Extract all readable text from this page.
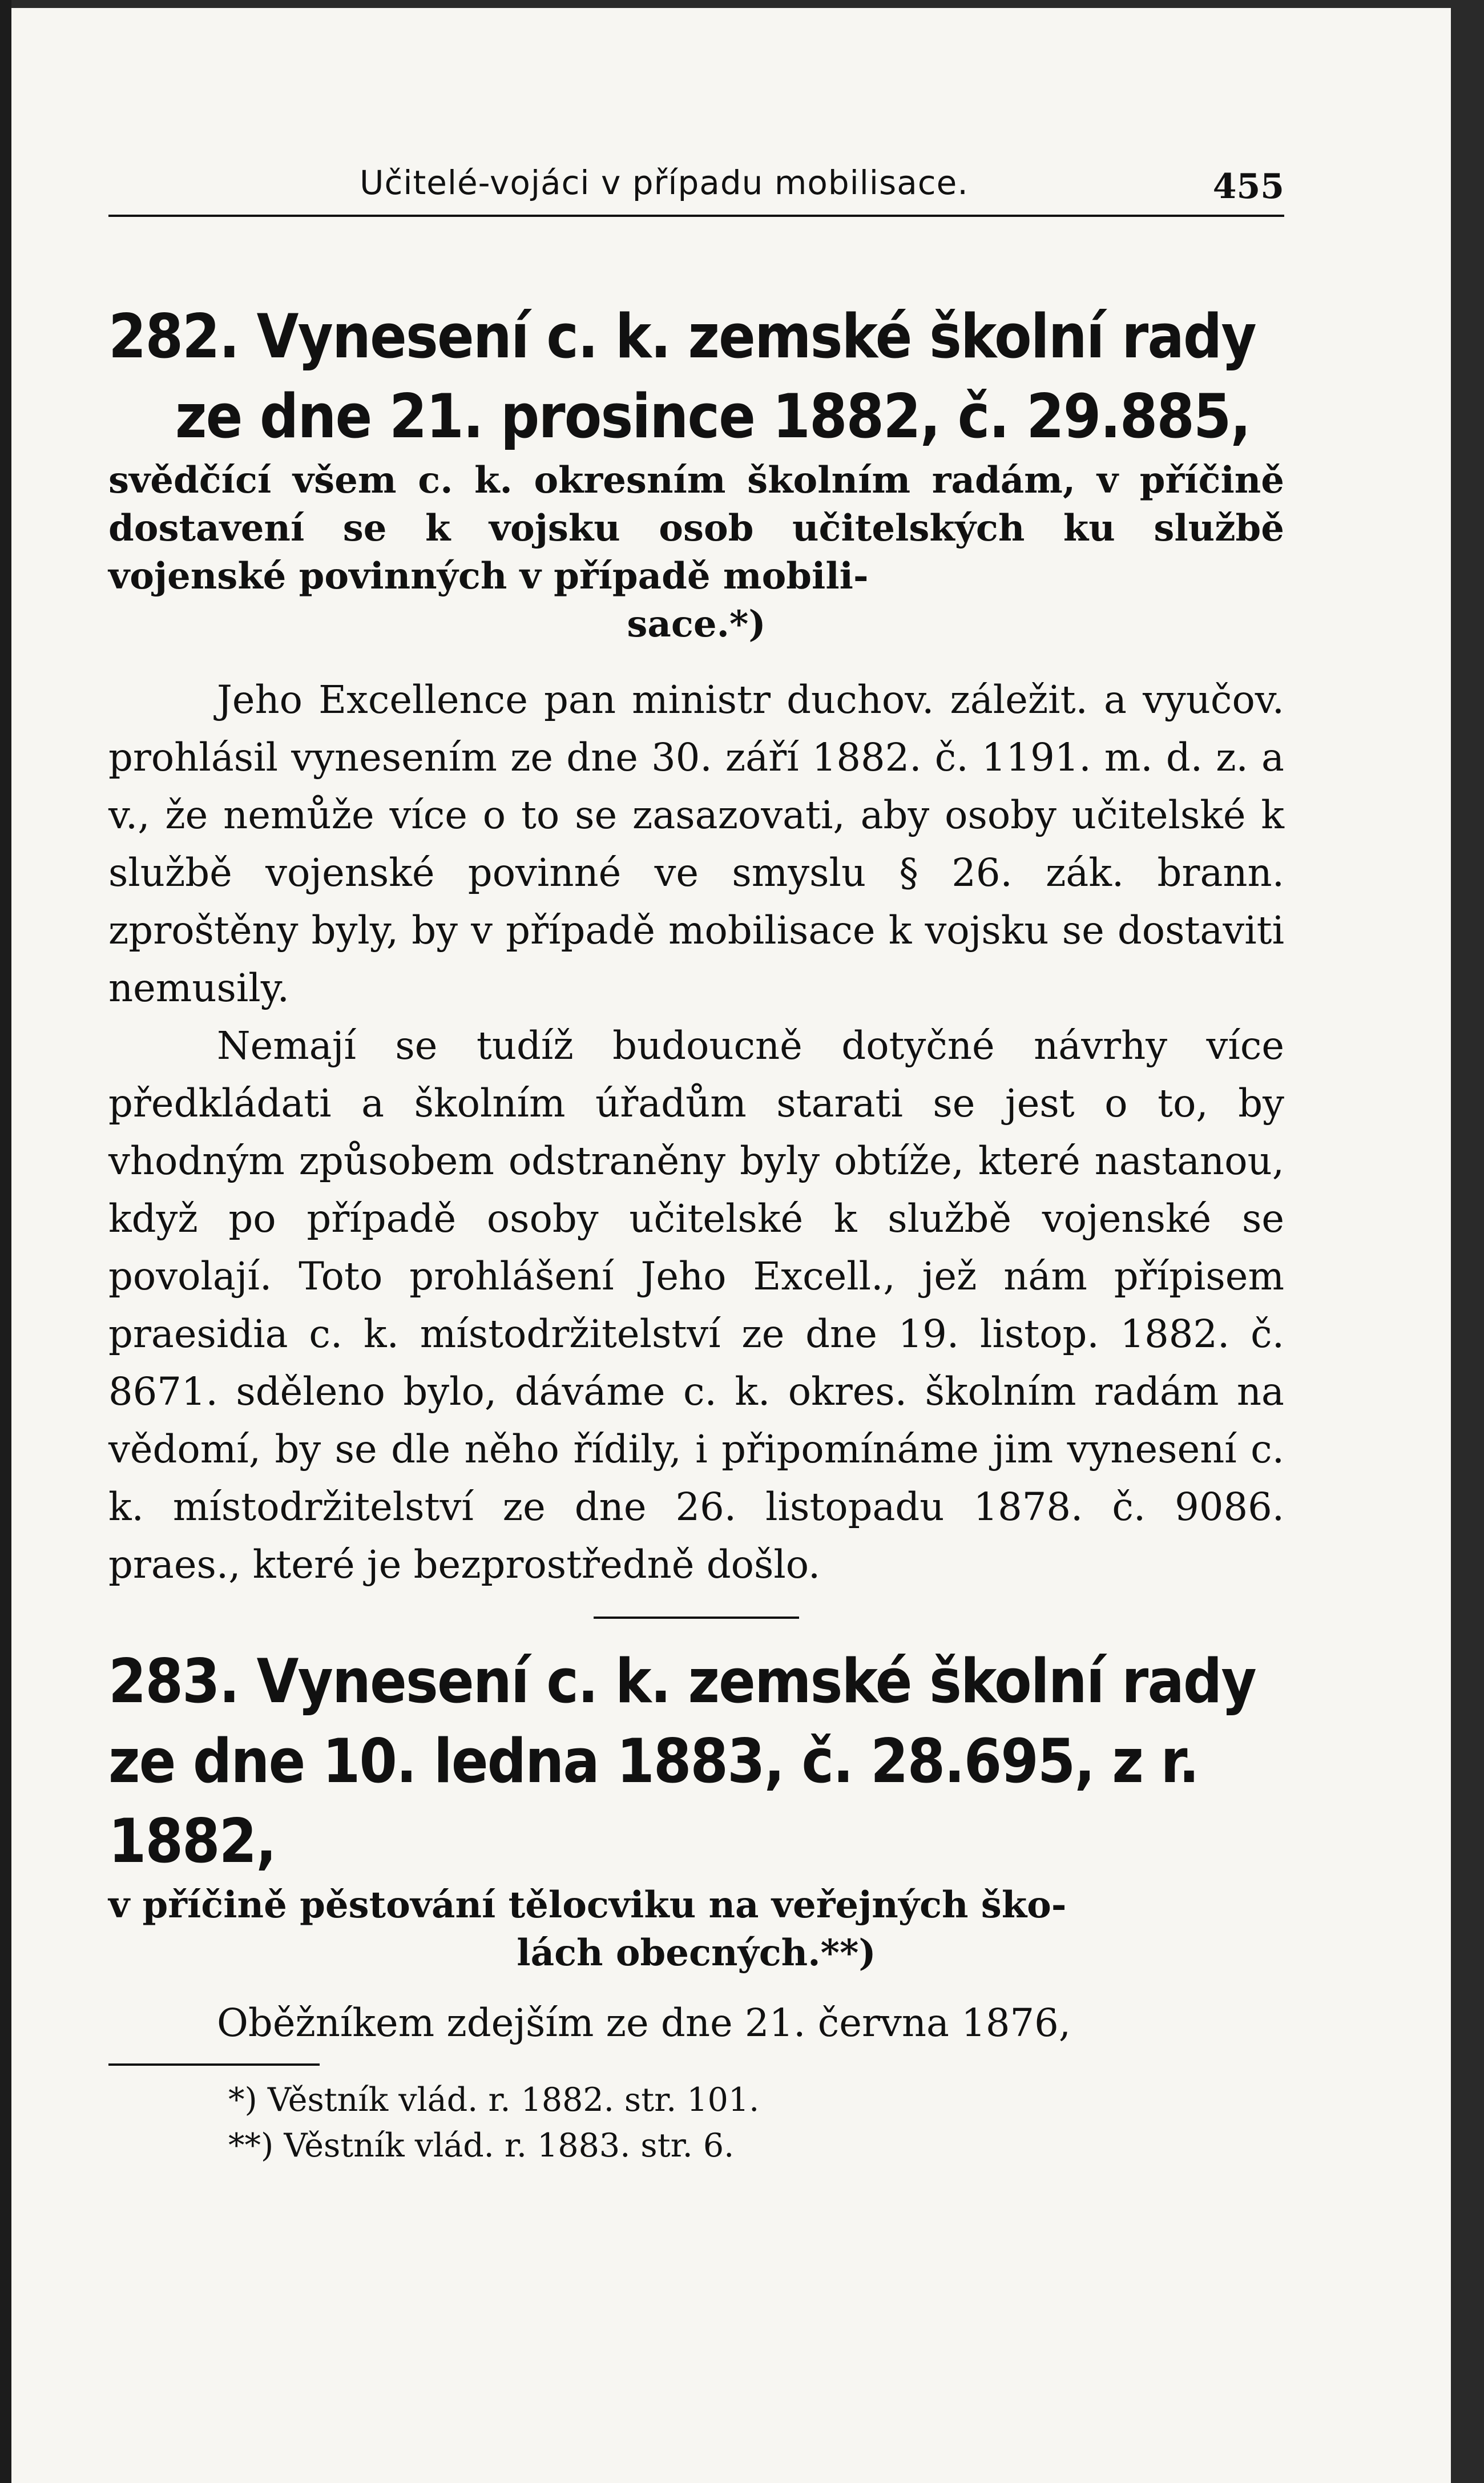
Učitelé-vojáci v případu mobilisace.	455
282. Vynesení c. k. zemské školní rady
ze dne 21. prosince 1882, č. 29.885,

svědčící všem c. k. okresním školním radám, v příčině dostavení se k vojsku osob učitelských ku službě vojenské povinných v případě mobili-
sace.*)

Jeho Excellence pan ministr duchov. záležit. a vyučov. prohlásil vynesením ze dne 30. září 1882. č. 1191. m. d. z. a v., že nemůže více o to se zasazovati, aby osoby učitelské k službě vojenské povinné ve smyslu § 26. zák. brann. zproštěny byly, by v případě mobilisace k vojsku se dostaviti nemusily.

Nemají se tudíž budoucně dotyčné návrhy více předkládati a školním úřadům starati se jest o to, by vhodným způsobem odstraněny byly obtíže, které nastanou, když po případě osoby učitelské k službě vojenské se povolají. Toto prohlášení Jeho Excell., jež nám přípisem praesidia c. k. místodržitelství ze dne 19. listop. 1882. č. 8671. sděleno bylo, dáváme c. k. okres. školním radám na vědomí, by se dle něho řídily, i připomínáme jim vynesení c. k. místodržitelství ze dne 26. listopadu 1878. č. 9086. praes., které je bezprostředně došlo.

283. Vynesení c. k. zemské školní rady
ze dne 10. ledna 1883, č. 28.695, z r. 1882,

v příčině pěstování tělocviku na veřejných ško-
lách obecných.**)

Oběžníkem zdejším ze dne 21. června 1876,

*) Věstník vlád. r. 1882. str. 101.

**) Věstník vlád. r. 1883. str. 6.
